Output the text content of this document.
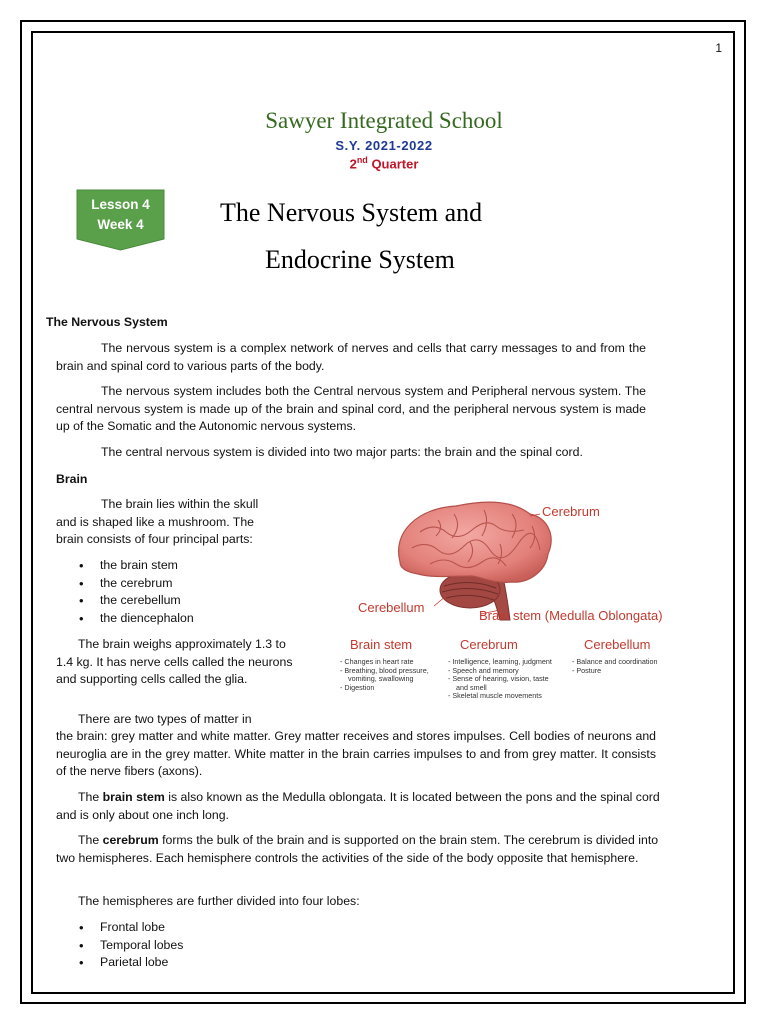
1
Sawyer Integrated School
S.Y. 2021-2022
2nd Quarter
Lesson 4
Week 4	The Nervous System and
Endocrine System
The Nervous System
The nervous system is a complex network of nerves and cells that carry messages to and from the brain and spinal cord to various parts of the body.
The nervous system includes both the Central nervous system and Peripheral nervous system. The central nervous system is made up of the brain and spinal cord, and the peripheral nervous system is made up of the Somatic and the Autonomic nervous systems.
The central nervous system is divided into two major parts: the brain and the spinal cord.
Brain
The brain lies within the skull and is shaped like a mushroom. The brain consists of four principal parts:
• the brain stem
• the cerebrum
• the cerebellum
• the diencephalon
The brain weighs approximately 1.3 to 1.4 kg. It has nerve cells called the neurons and supporting cells called the glia.
There are two types of matter in
the brain: grey matter and white matter. Grey matter receives and stores impulses. Cell bodies of neurons and neuroglia are in the grey matter. White matter in the brain carries impulses to and from grey matter. It consists of the nerve fibers (axons).
The brain stem is also known as the Medulla oblongata. It is located between the pons and the spinal cord and is only about one inch long.
The cerebrum forms the bulk of the brain and is supported on the brain stem. The cerebrum is divided into two hemispheres. Each hemisphere controls the activities of the side of the body opposite that hemisphere.
The hemispheres are further divided into four lobes:
• Frontal lobe
• Temporal lobes
• Parietal lobe
Cerebrum
Cerebellum
Brain stem (Medulla Oblongata)
Brain stem
- Changes in heart rate
- Breathing, blood pressure,
vomiting, swallowing
- Digestion
Cerebrum
- Intelligence, learning, judgment
- Speech and memory
- Sense of hearing, vision, taste
and smell
- Skeletal muscle movements
Cerebellum
- Balance and coordination
- Posture
